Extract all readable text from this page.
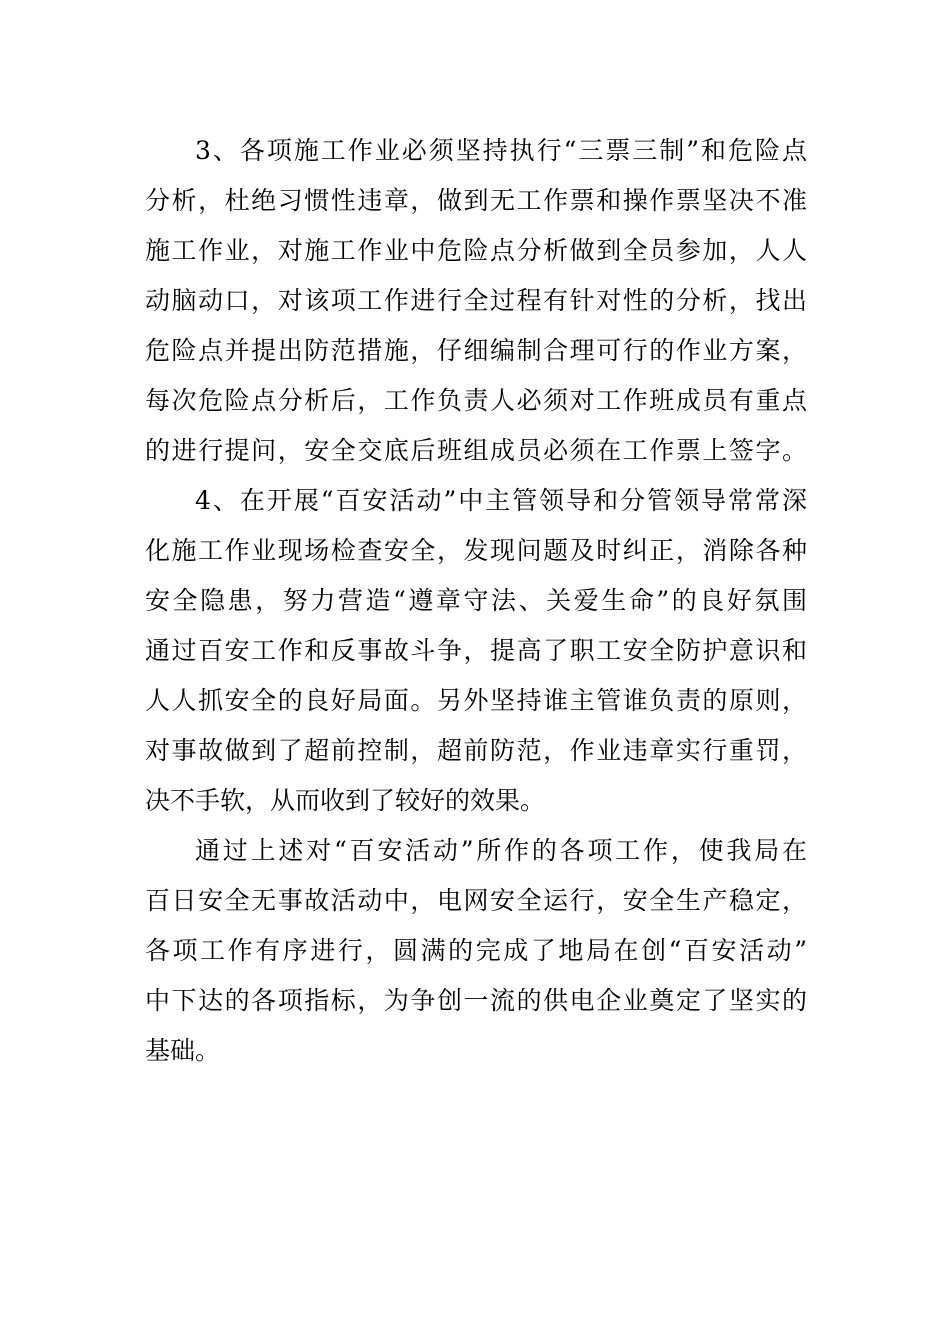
3、各项施工作业必须坚持执行“三票三制”和危险点
分析，杜绝习惯性违章，做到无工作票和操作票坚决不准
施工作业，对施工作业中危险点分析做到全员参加，人人
动脑动口，对该项工作进行全过程有针对性的分析，找出
危险点并提出防范措施，仔细编制合理可行的作业方案，
每次危险点分析后，工作负责人必须对工作班成员有重点
的进行提问，安全交底后班组成员必须在工作票上签字。

4、在开展“百安活动”中主管领导和分管领导常常深
化施工作业现场检查安全，发现问题及时纠正，消除各种
安全隐患，努力营造“遵章守法、关爱生命”的良好氛围
通过百安工作和反事故斗争，提高了职工安全防护意识和
人人抓安全的良好局面。另外坚持谁主管谁负责的原则，
对事故做到了超前控制，超前防范，作业违章实行重罚，
决不手软，从而收到了较好的效果。

通过上述对“百安活动”所作的各项工作，使我局在
百日安全无事故活动中，电网安全运行，安全生产稳定，
各项工作有序进行，圆满的完成了地局在创“百安活动”
中下达的各项指标，为争创一流的供电企业奠定了坚实的
基础。
